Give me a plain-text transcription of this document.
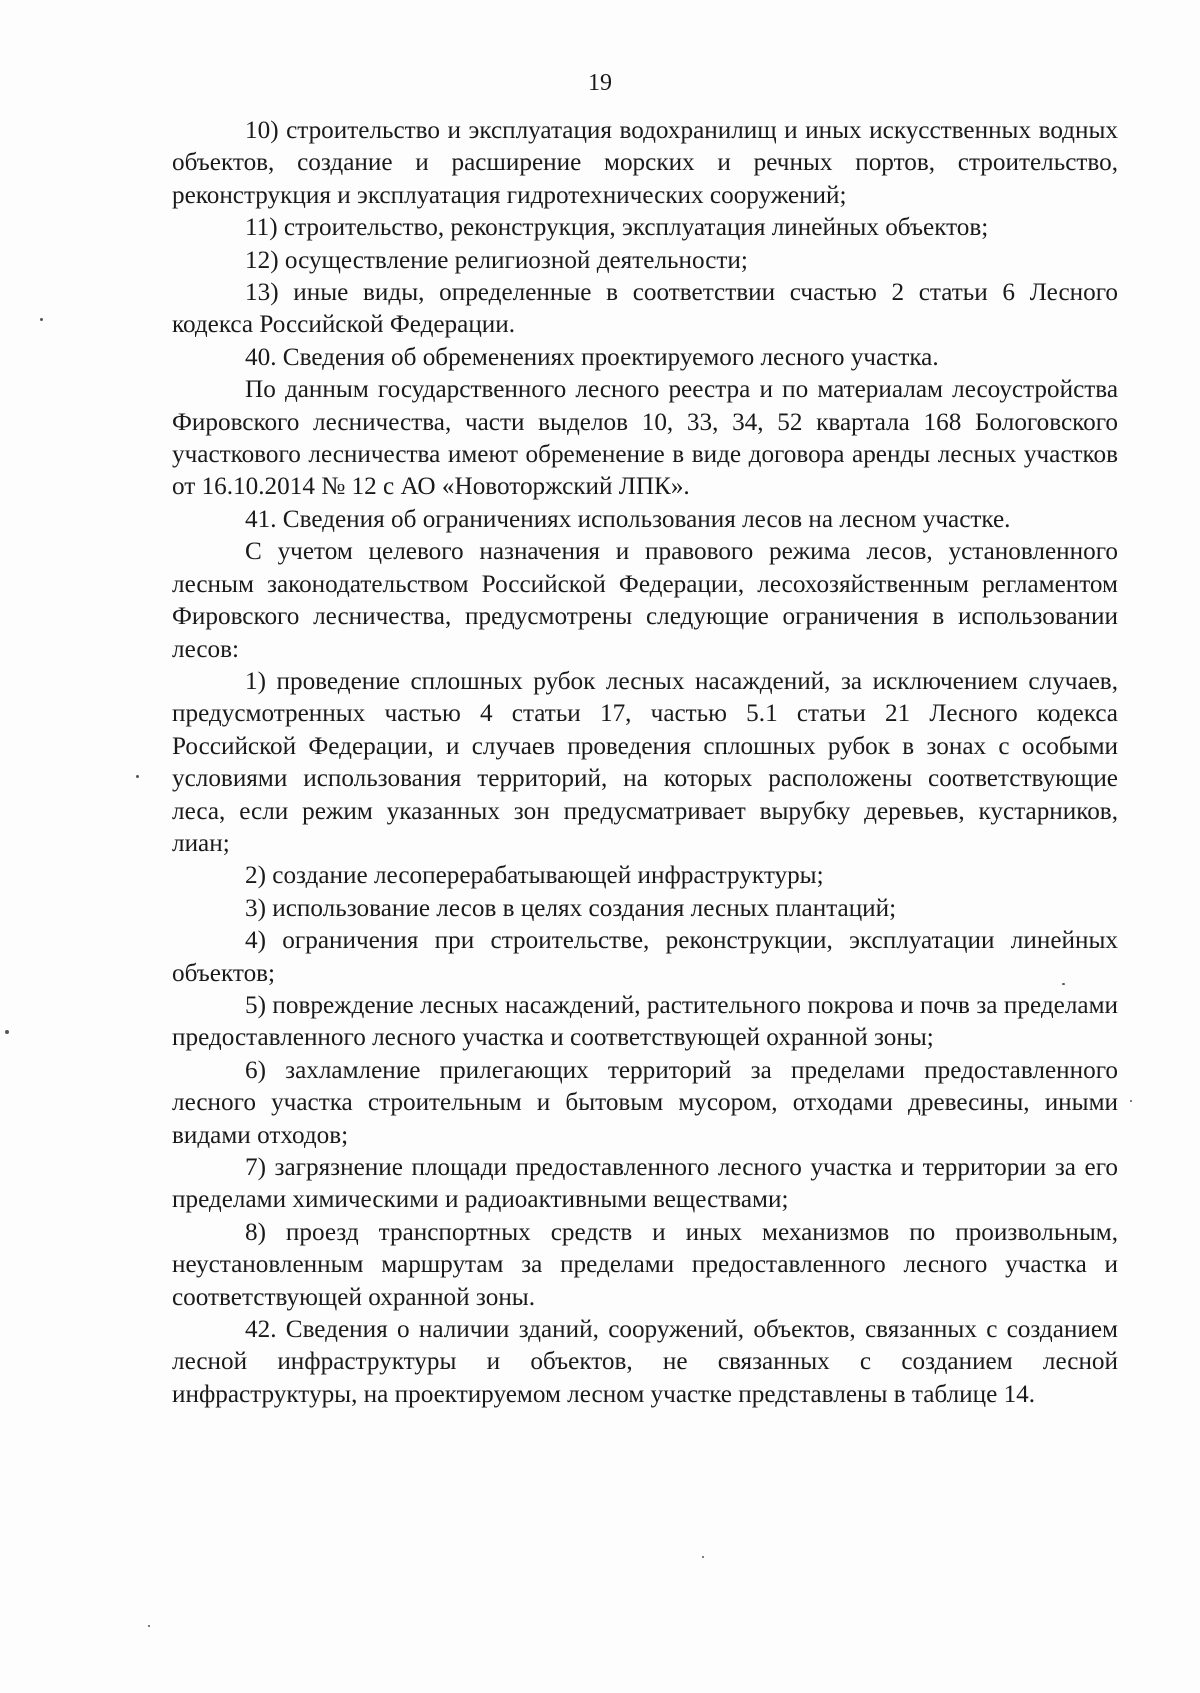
19

10) строительство и эксплуатация водохранилищ и иных искусственных водных объектов, создание и расширение морских и речных портов, строительство, реконструкция и эксплуатация гидротехнических сооружений;

11) строительство, реконструкция, эксплуатация линейных объектов;

12) осуществление религиозной деятельности;

13) иные виды, определенные в соответствии счастью 2 статьи 6 Лесного кодекса Российской Федерации.

40. Сведения об обременениях проектируемого лесного участка.

По данным государственного лесного реестра и по материалам лесоустройства Фировского лесничества, части выделов 10, 33, 34, 52 квартала 168 Бологовского участкового лесничества имеют обременение в виде договора аренды лесных участков от 16.10.2014 № 12 с АО «Новоторжский ЛПК».

41. Сведения об ограничениях использования лесов на лесном участке.

С учетом целевого назначения и правового режима лесов, установленного лесным законодательством Российской Федерации, лесохозяйственным регламентом Фировского лесничества, предусмотрены следующие ограничения в использовании лесов:

1) проведение сплошных рубок лесных насаждений, за исключением случаев, предусмотренных частью 4 статьи 17, частью 5.1 статьи 21 Лесного кодекса Российской Федерации, и случаев проведения сплошных рубок в зонах с особыми условиями использования территорий, на которых расположены соответствующие леса, если режим указанных зон предусматривает вырубку деревьев, кустарников, лиан;

2) создание лесоперерабатывающей инфраструктуры;

3) использование лесов в целях создания лесных плантаций;

4) ограничения при строительстве, реконструкции, эксплуатации линейных объектов;

5) повреждение лесных насаждений, растительного покрова и почв за пределами предоставленного лесного участка и соответствующей охранной зоны;

6) захламление прилегающих территорий за пределами предоставленного лесного участка строительным и бытовым мусором, отходами древесины, иными видами отходов;

7) загрязнение площади предоставленного лесного участка и территории за его пределами химическими и радиоактивными веществами;

8) проезд транспортных средств и иных механизмов по произвольным, неустановленным маршрутам за пределами предоставленного лесного участка и соответствующей охранной зоны.

42. Сведения о наличии зданий, сооружений, объектов, связанных с созданием лесной инфраструктуры и объектов, не связанных с созданием лесной инфраструктуры, на проектируемом лесном участке представлены в таблице 14.
